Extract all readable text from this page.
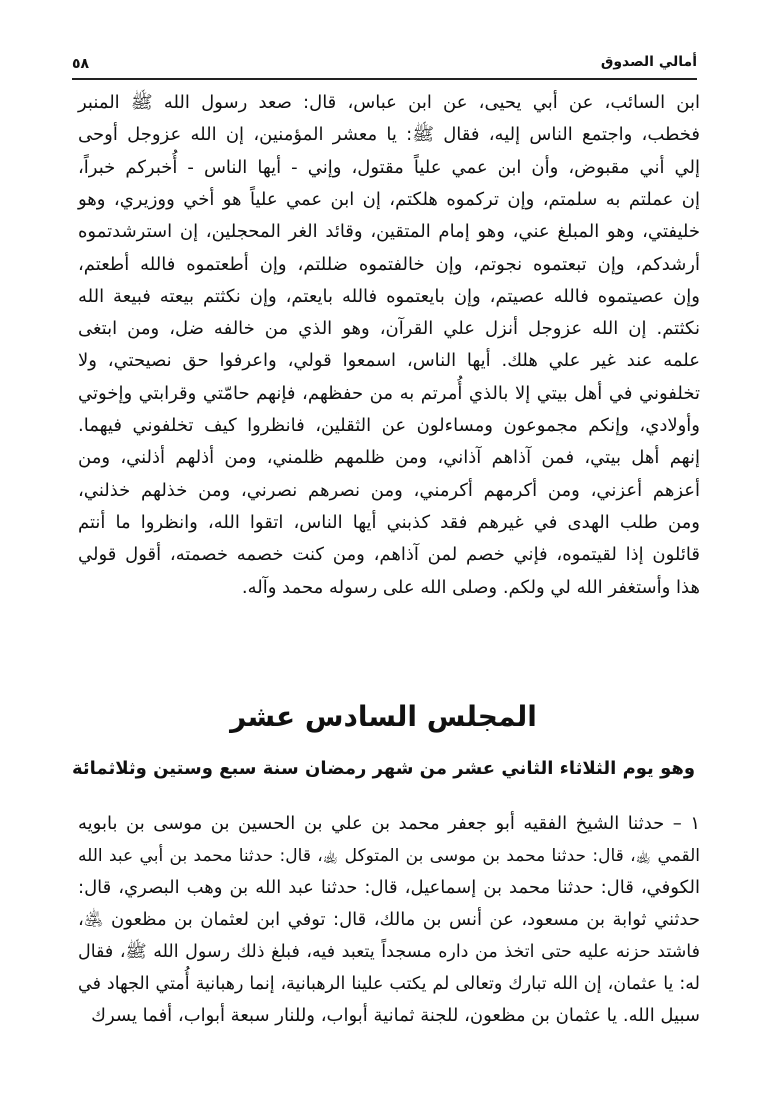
أمالي الصدوق
٥٨
ابن السائب، عن أبي يحيى، عن ابن عباس، قال: صعد رسول الله ﷺ المنبر
فخطب، واجتمع الناس إليه، فقال ﷺ: يا معشر المؤمنين، إن الله عزوجل أوحى
إلي أني مقبوض، وأن ابن عمي علياً مقتول، وإني - أيها الناس - أُخبركم خبراً،
إن عملتم به سلمتم، وإن تركموه هلكتم، إن ابن عمي علياً هو أخي ووزيري، وهو
خليفتي، وهو المبلغ عني، وهو إمام المتقين، وقائد الغر المحجلين، إن استرشدتموه
أرشدكم، وإن تبعتموه نجوتم، وإن خالفتموه ضللتم، وإن أطعتموه فالله أطعتم،
وإن عصيتموه فالله عصيتم، وإن بايعتموه فالله بايعتم، وإن نكثتم بيعته فبيعة الله
نكثتم. إن الله عزوجل أنزل علي القرآن، وهو الذي من خالفه ضل، ومن ابتغى
علمه عند غير علي هلك. أيها الناس، اسمعوا قولي، واعرفوا حق نصيحتي، ولا
تخلفوني في أهل بيتي إلا بالذي أُمرتم به من حفظهم، فإنهم حامّتي وقرابتي وإخوتي
وأولادي، وإنكم مجموعون ومساءلون عن الثقلين، فانظروا كيف تخلفوني فيهما.
إنهم أهل بيتي، فمن آذاهم آذاني، ومن ظلمهم ظلمني، ومن أذلهم أذلني، ومن
أعزهم أعزني، ومن أكرمهم أكرمني، ومن نصرهم نصرني، ومن خذلهم خذلني،
ومن طلب الهدى في غيرهم فقد كذبني أيها الناس، اتقوا الله، وانظروا ما أنتم
قائلون إذا لقيتموه، فإني خصم لمن آذاهم، ومن كنت خصمه خصمته، أقول قولي
هذا وأستغفر الله لي ولكم. وصلى الله على رسوله محمد وآله.
المجلس السادس عشر
وهو يوم الثلاثاء الثاني عشر من شهر رمضان سنة سبع وستين وثلاثمائة
١ – حدثنا الشيخ الفقيه أبو جعفر محمد بن علي بن الحسين بن موسى بن بابويه
القمي ﵀، قال: حدثنا محمد بن موسى بن المتوكل ﵀، قال: حدثنا محمد بن أبي عبد الله
الكوفي، قال: حدثنا محمد بن إسماعيل، قال: حدثنا عبد الله بن وهب البصري، قال:
حدثني ثوابة بن مسعود، عن أنس بن مالك، قال: توفي ابن لعثمان بن مظعون ﵁،
فاشتد حزنه عليه حتى اتخذ من داره مسجداً يتعبد فيه، فبلغ ذلك رسول الله ﷺ، فقال
له: يا عثمان، إن الله تبارك وتعالى لم يكتب علينا الرهبانية، إنما رهبانية أُمتي الجهاد في
سبيل الله. يا عثمان بن مظعون، للجنة ثمانية أبواب، وللنار سبعة أبواب، أفما يسرك
